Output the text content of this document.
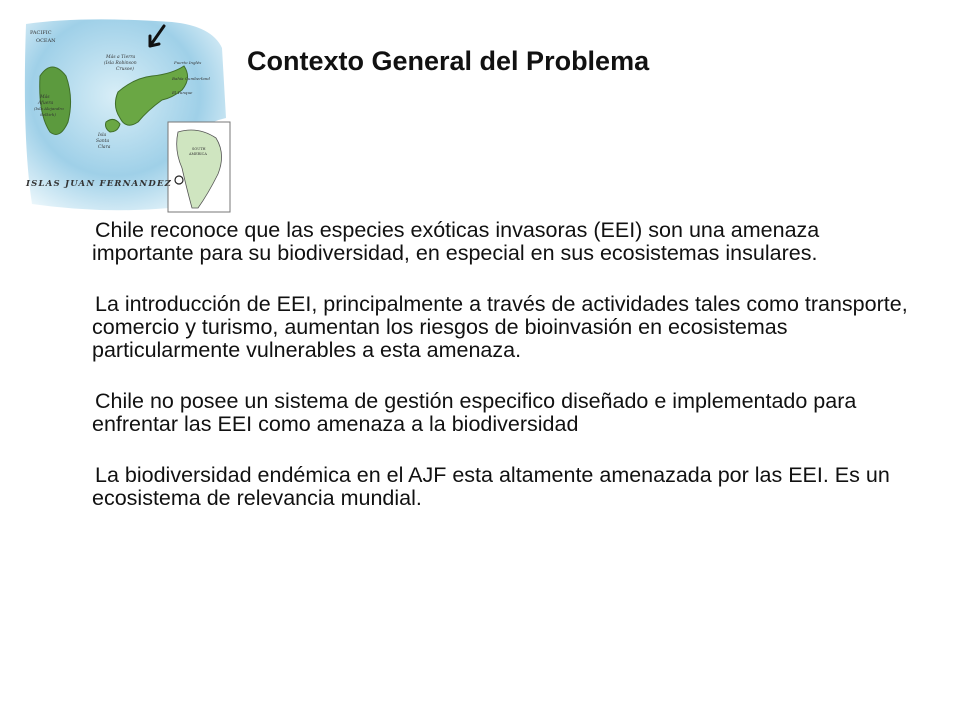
PACIFIC
OCEAN
Más a Tierra
(Isla Robinson
Crusoe)
Más
Afuera
(Isla Alejandro
Selkirk)
Isla
Santa
Clara
Puerto Inglés
Bahía Cumberland
El Yunque
SOUTH
AMERICA
ISLAS JUAN FERNANDEZ
Contexto General del Problema

Chile reconoce que las especies exóticas invasoras (EEI) son una amenaza importante para su biodiversidad, en especial en sus ecosistemas insulares.

La introducción de EEI, principalmente a través de actividades tales como transporte, comercio y turismo, aumentan los riesgos de bioinvasión en ecosistemas particularmente vulnerables a esta amenaza.

Chile no posee un sistema de gestión especifico diseñado e implementado para enfrentar las EEI como amenaza a la biodiversidad

La biodiversidad endémica en el AJF esta altamente amenazada por las EEI. Es un ecosistema de relevancia mundial.
